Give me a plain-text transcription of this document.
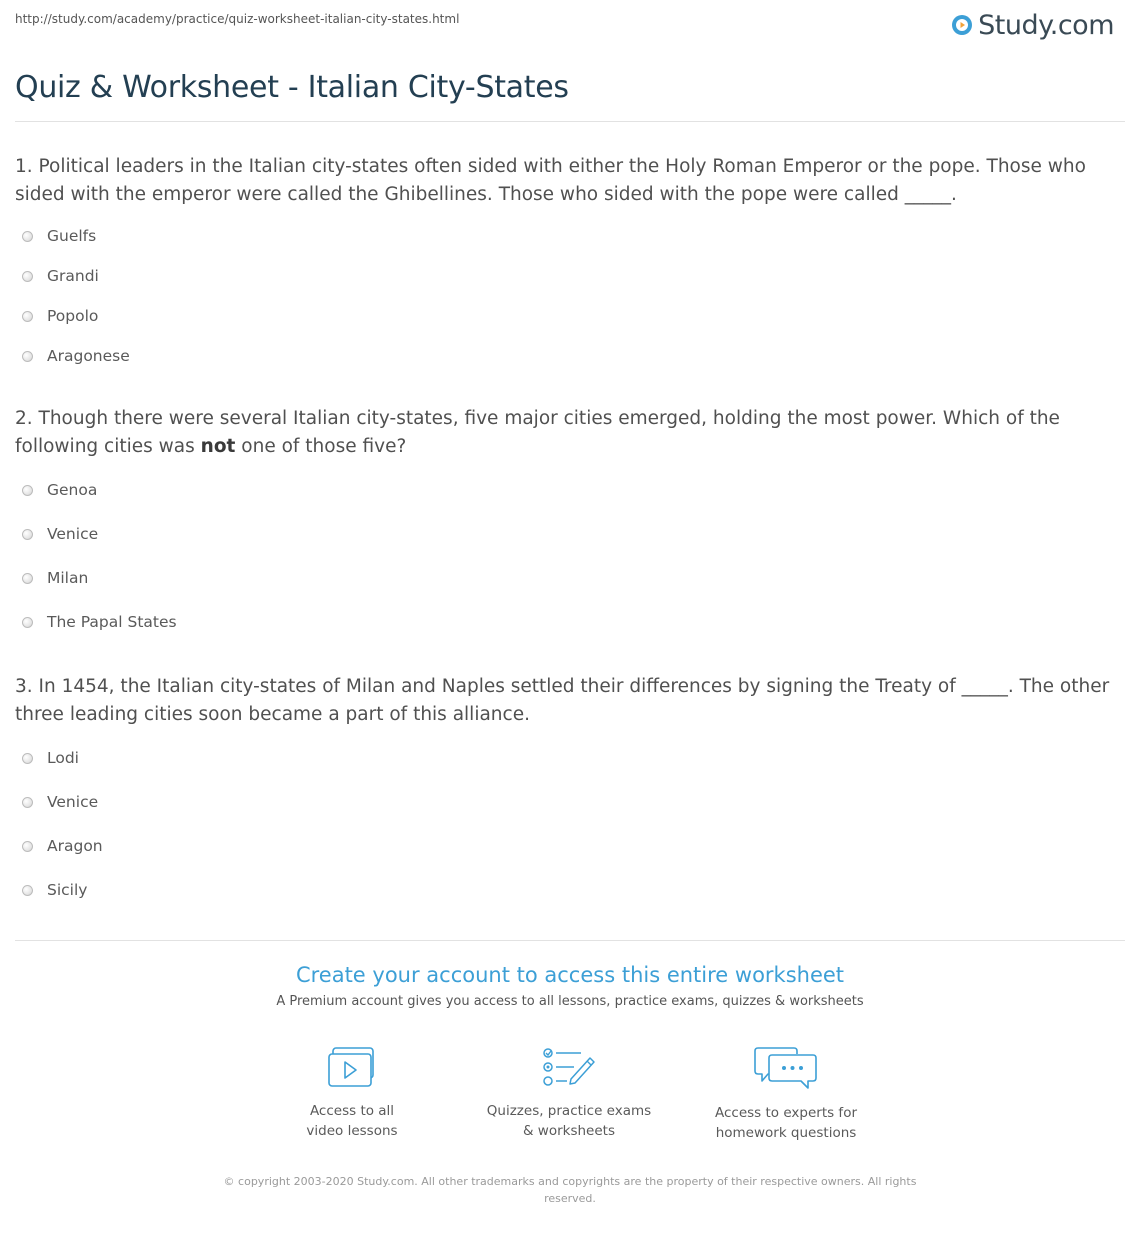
http://study.com/academy/practice/quiz-worksheet-italian-city-states.html	Study.com
Quiz & Worksheet - Italian City-States
1. Political leaders in the Italian city-states often sided with either the Holy Roman Emperor or the pope. Those who sided with the emperor were called the Ghibellines. Those who sided with the pope were called _____.
Guelfs
Grandi
Popolo
Aragonese
2. Though there were several Italian city-states, five major cities emerged, holding the most power. Which of the following cities was not one of those five?
Genoa
Venice
Milan
The Papal States
3. In 1454, the Italian city-states of Milan and Naples settled their differences by signing the Treaty of _____. The other three leading cities soon became a part of this alliance.
Lodi
Venice
Aragon
Sicily
Create your account to access this entire worksheet
A Premium account gives you access to all lessons, practice exams, quizzes & worksheets
Access to all
video lessons
Quizzes, practice exams
& worksheets
Access to experts for
homework questions
© copyright 2003-2020 Study.com. All other trademarks and copyrights are the property of their respective owners. All rights reserved.
